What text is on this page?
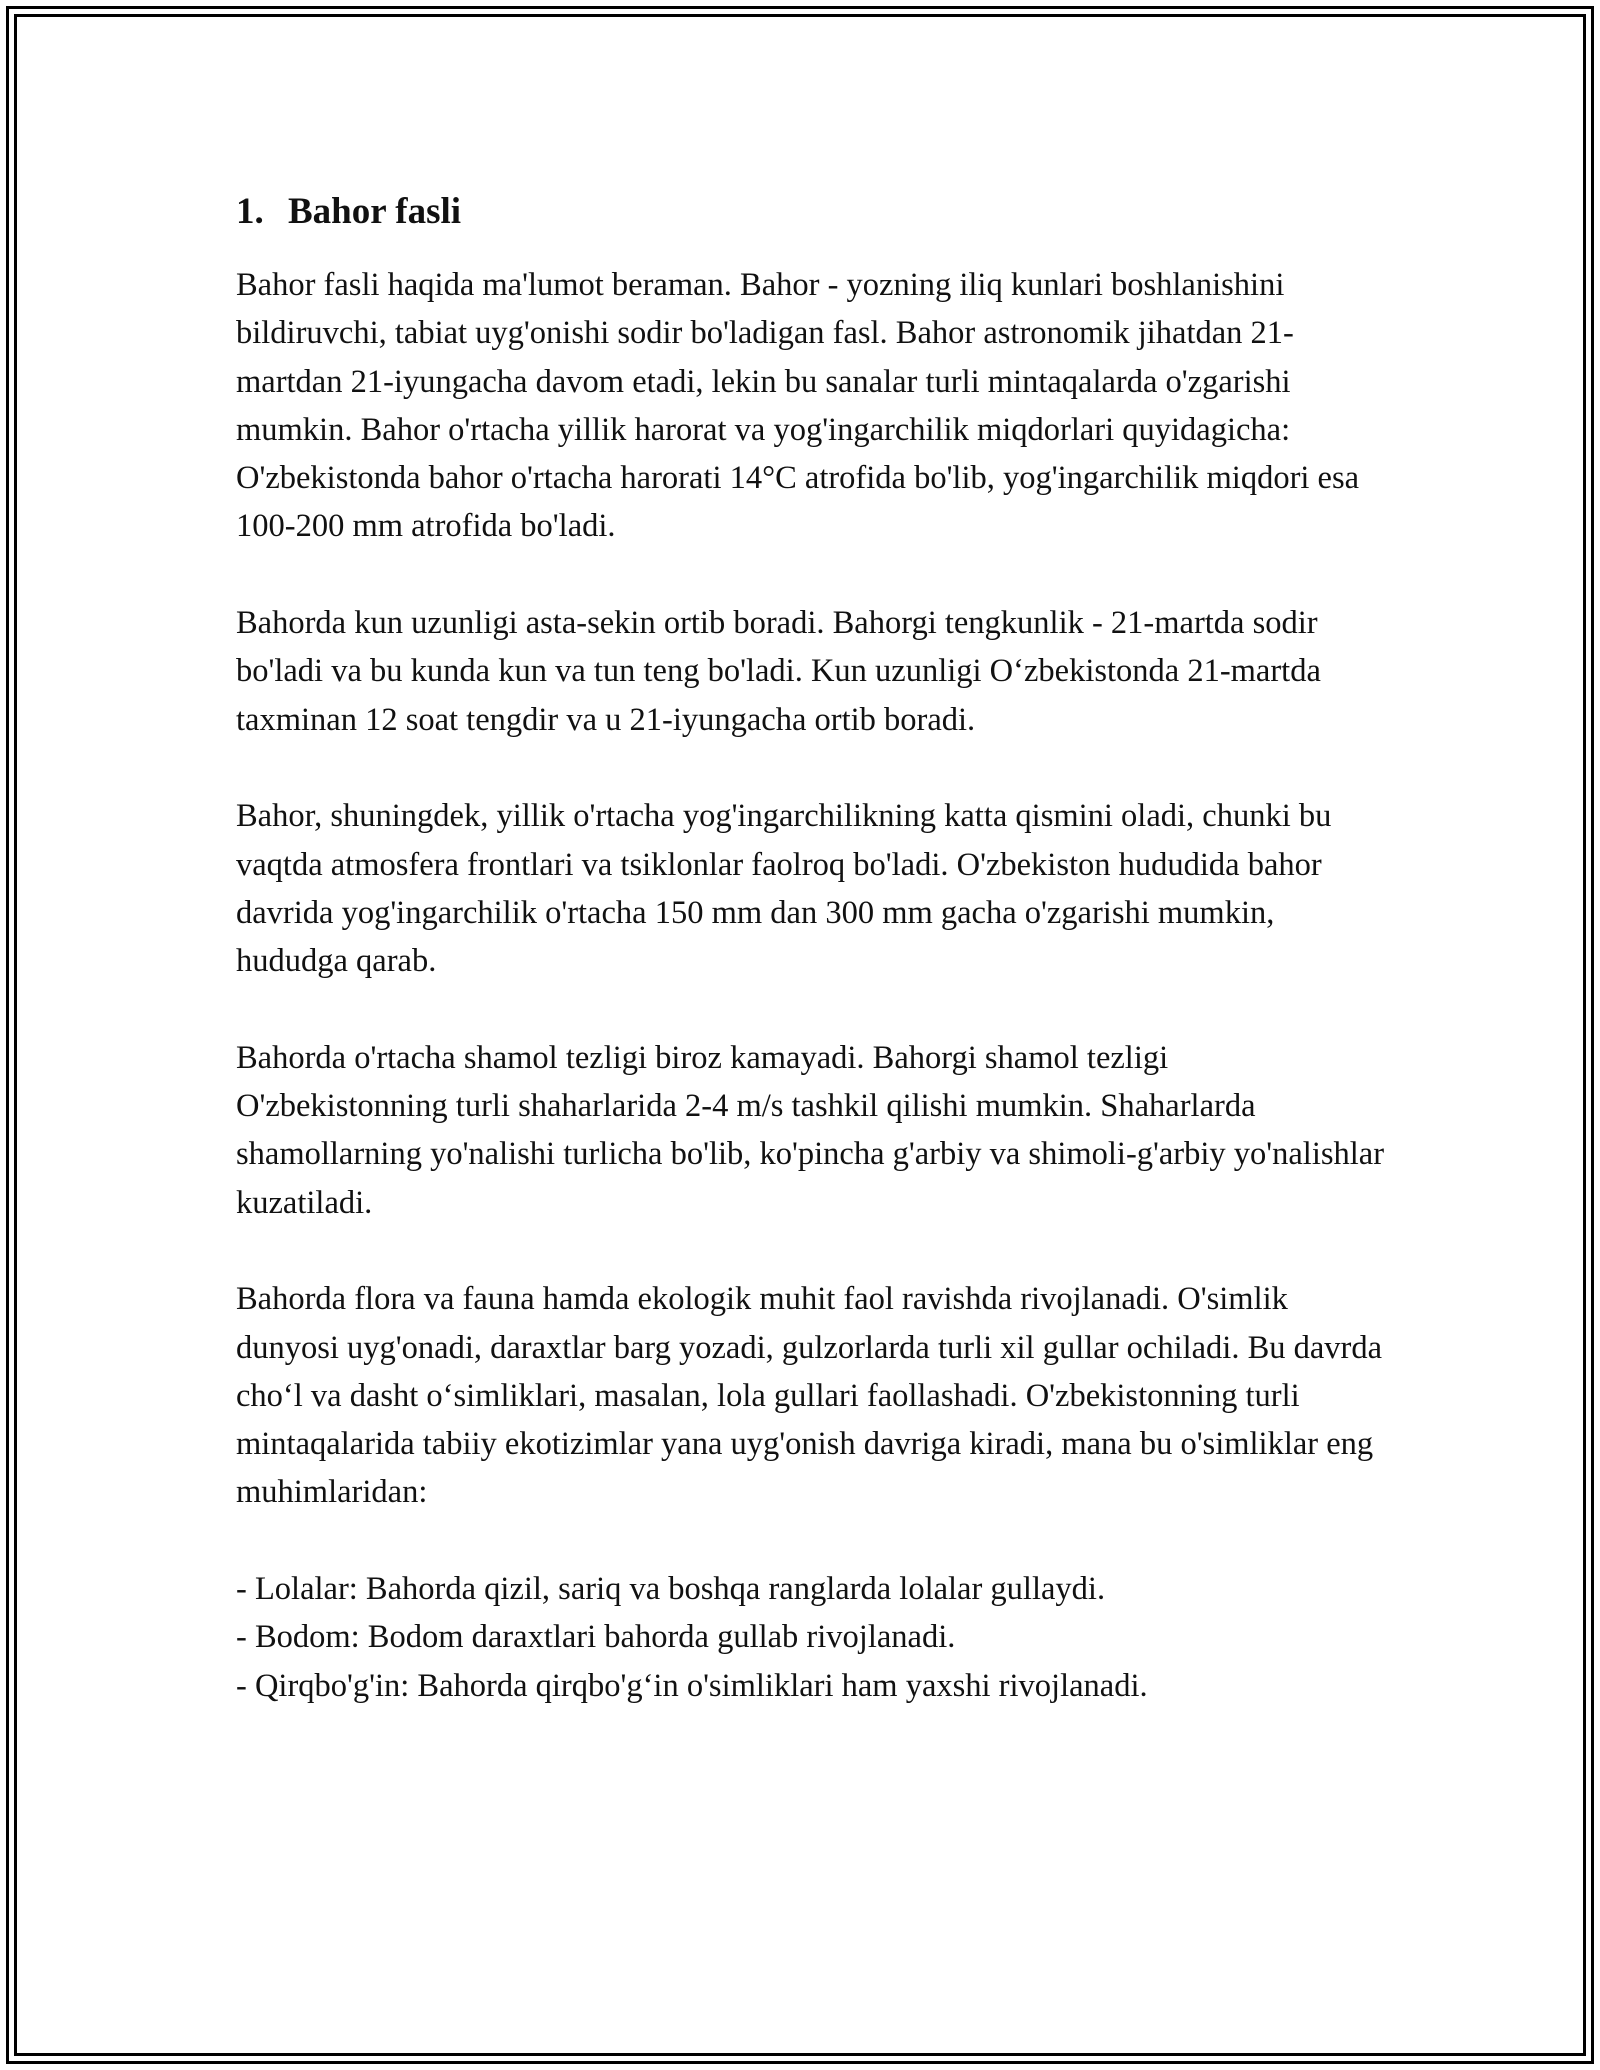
1. Bahor fasli

Bahor fasli haqida ma'lumot beraman. Bahor - yozning iliq kunlari boshlanishini bildiruvchi, tabiat uyg'onishi sodir bo'ladigan fasl. Bahor astronomik jihatdan 21-martdan 21-iyungacha davom etadi, lekin bu sanalar turli mintaqalarda o'zgarishi mumkin. Bahor o'rtacha yillik harorat va yog'ingarchilik miqdorlari quyidagicha: O'zbekistonda bahor o'rtacha harorati 14°C atrofida bo'lib, yog'ingarchilik miqdori esa 100-200 mm atrofida bo'ladi.

Bahorda kun uzunligi asta-sekin ortib boradi. Bahorgi tengkunlik - 21-martda sodir bo'ladi va bu kunda kun va tun teng bo'ladi. Kun uzunligi O‘zbekistonda 21-martda taxminan 12 soat tengdir va u 21-iyungacha ortib boradi.

Bahor, shuningdek, yillik o'rtacha yog'ingarchilikning katta qismini oladi, chunki bu vaqtda atmosfera frontlari va tsiklonlar faolroq bo'ladi. O'zbekiston hududida bahor davrida yog'ingarchilik o'rtacha 150 mm dan 300 mm gacha o'zgarishi mumkin, hududga qarab.

Bahorda o'rtacha shamol tezligi biroz kamayadi. Bahorgi shamol tezligi O'zbekistonning turli shaharlarida 2-4 m/s tashkil qilishi mumkin. Shaharlarda shamollarning yo'nalishi turlicha bo'lib, ko'pincha g'arbiy va shimoli-g'arbiy yo'nalishlar kuzatiladi.

Bahorda flora va fauna hamda ekologik muhit faol ravishda rivojlanadi. O'simlik dunyosi uyg'onadi, daraxtlar barg yozadi, gulzorlarda turli xil gullar ochiladi. Bu davrda cho‘l va dasht o‘simliklari, masalan, lola gullari faollashadi. O'zbekistonning turli mintaqalarida tabiiy ekotizimlar yana uyg'onish davriga kiradi, mana bu o'simliklar eng muhimlaridan:

- Lolalar: Bahorda qizil, sariq va boshqa ranglarda lolalar gullaydi.
- Bodom: Bodom daraxtlari bahorda gullab rivojlanadi.
- Qirqbo'g'in: Bahorda qirqbo'g‘in o'simliklari ham yaxshi rivojlanadi.
